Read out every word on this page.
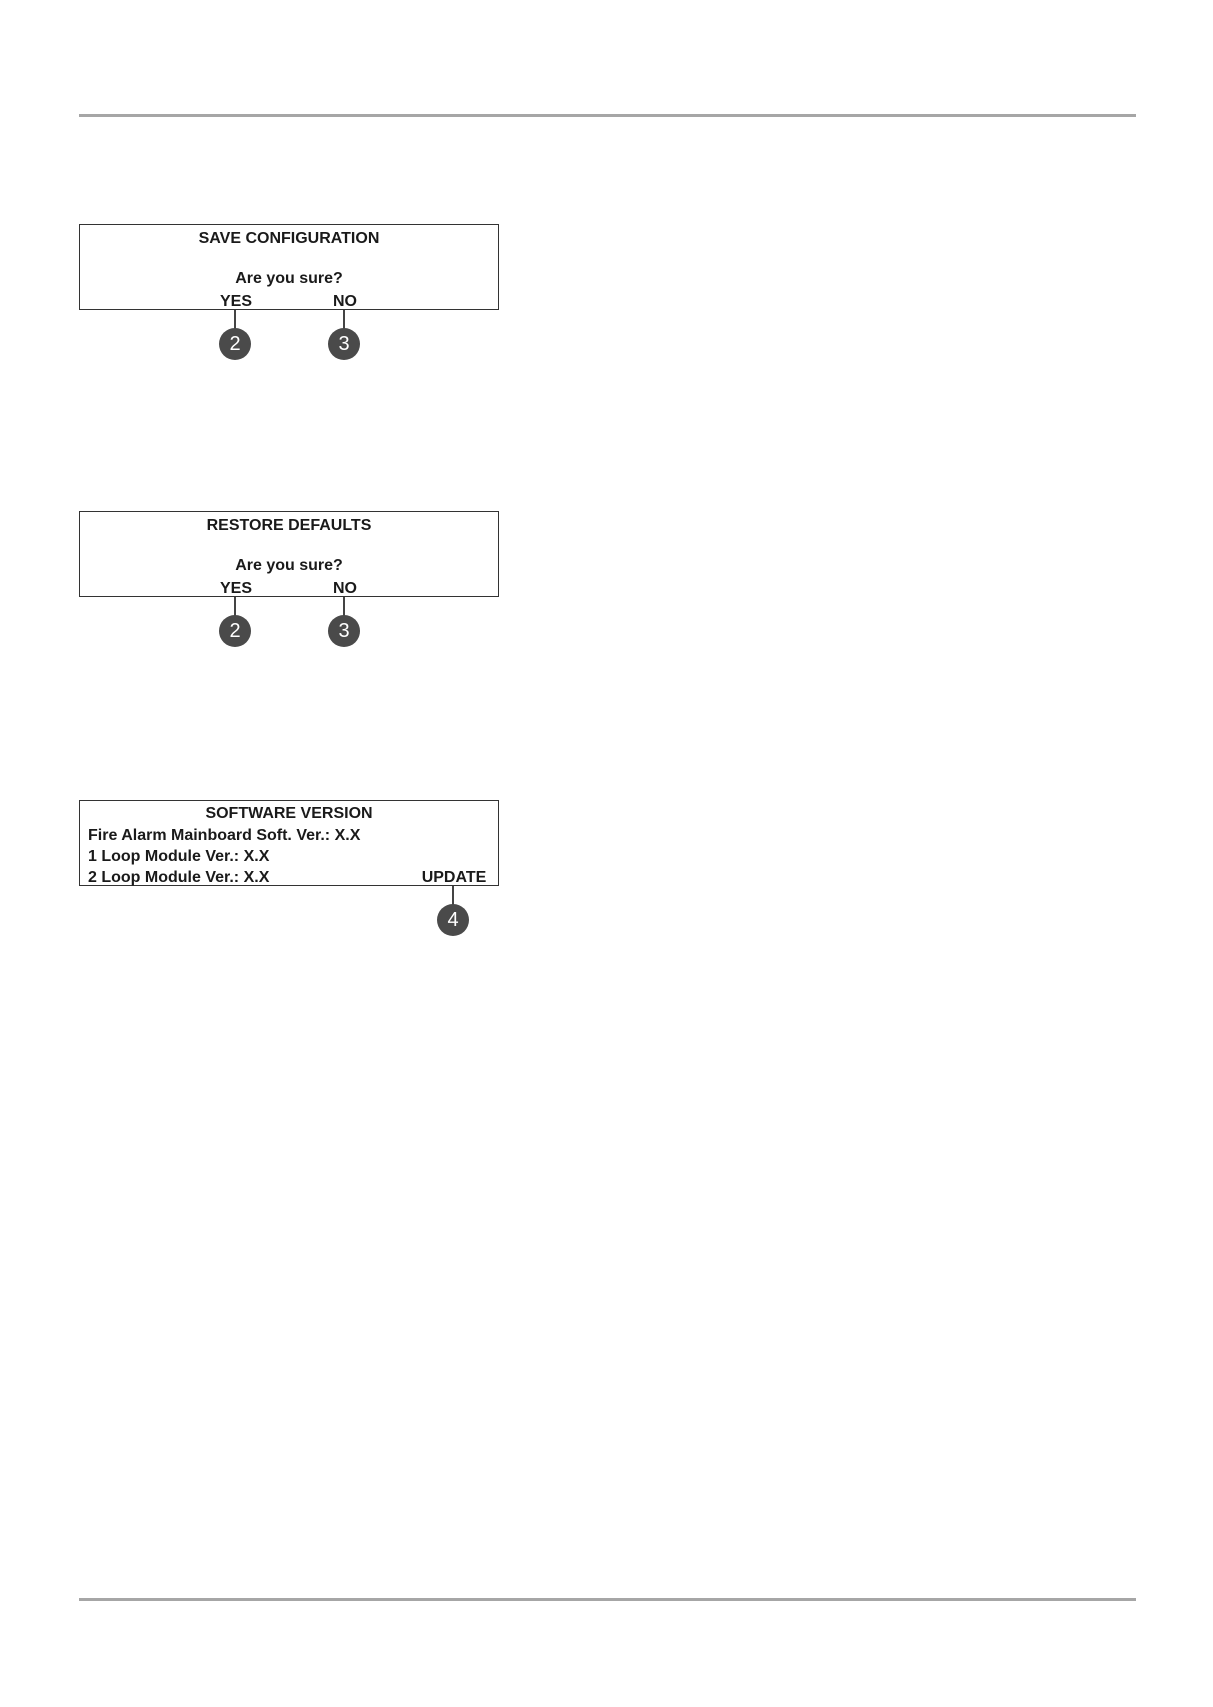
SAVE CONFIGURATION
Are you sure?
YES	NO
2	3
RESTORE DEFAULTS
Are you sure?
YES	NO
2	3
SOFTWARE VERSION
Fire Alarm Mainboard Soft. Ver.: X.X
1 Loop Module Ver.: X.X
2 Loop Module Ver.: X.X	UPDATE
4
